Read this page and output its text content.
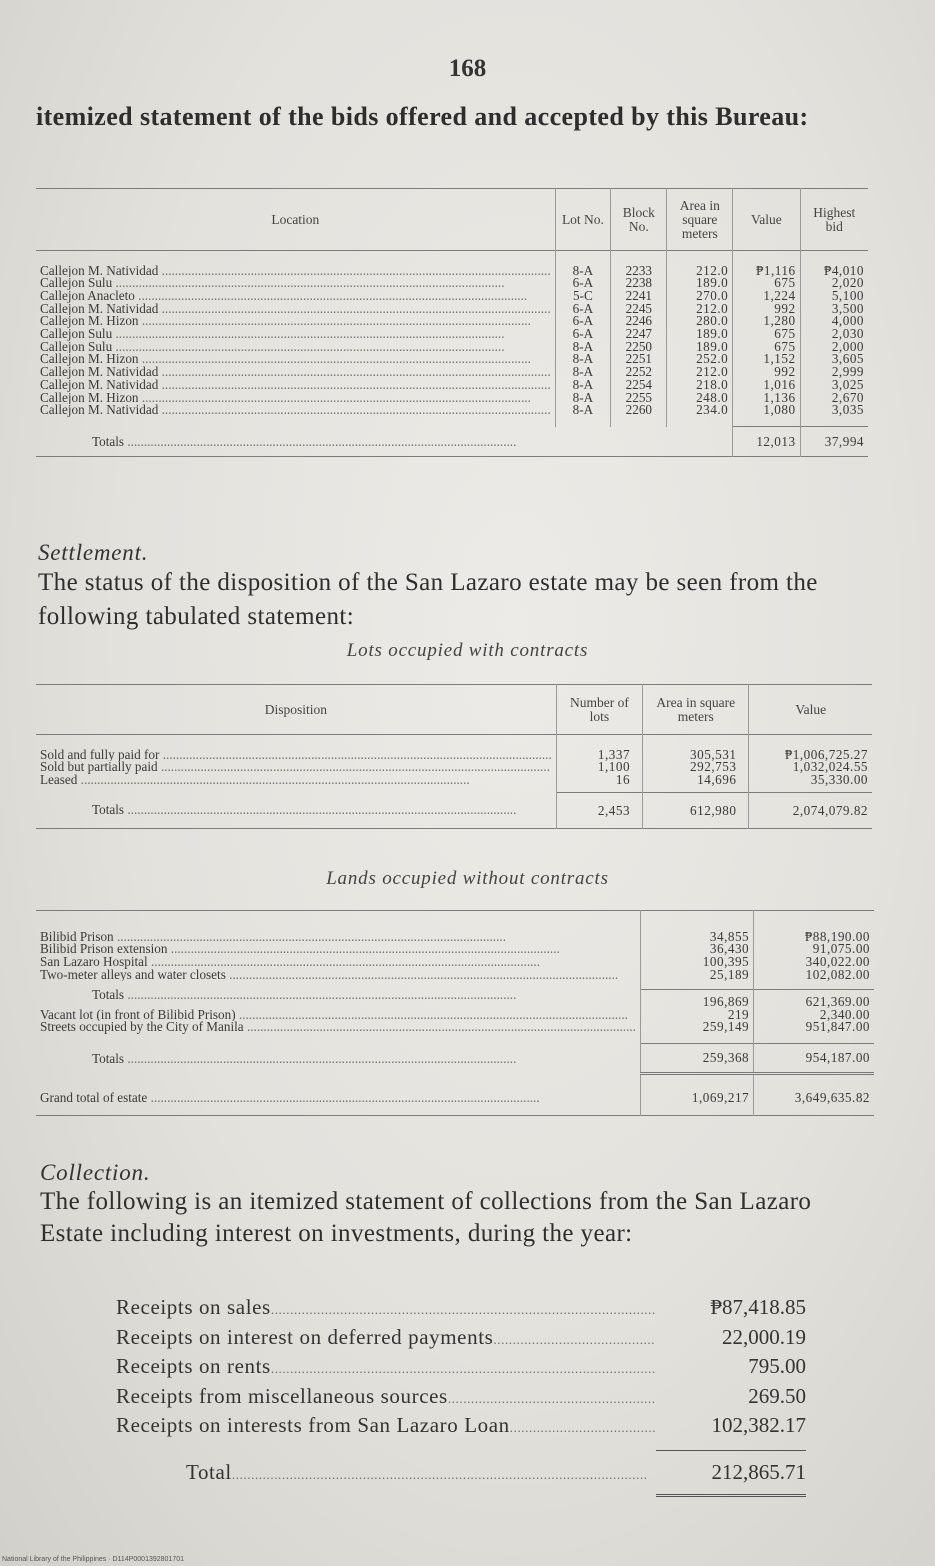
168
itemized statement of the bids offered and accepted by this Bureau:
Location	Lot No.	Block No.	Area in square meters	Value	Highest bid

Callejon M. Natividad .....	8-A	2233	212.0	₱1,116	₱4,010

Callejon Sulu .....	6-A	2238	189.0	675	2,020

Callejon Anacleto .....	5-C	2241	270.0	1,224	5,100

Callejon M. Natividad .....	6-A	2245	212.0	992	3,500

Callejon M. Hizon .....	6-A	2246	280.0	1,280	4,000

Callejon Sulu .....	6-A	2247	189.0	675	2,030

Callejon Sulu .....	8-A	2250	189.0	675	2,000

Callejon M. Hizon .....	8-A	2251	252.0	1,152	3,605

Callejon M. Natividad .....	8-A	2252	212.0	992	2,999

Callejon M. Natividad .....	8-A	2254	218.0	1,016	3,025

Callejon M. Hizon .....	8-A	2255	248.0	1,136	2,670

Callejon M. Natividad .....	8-A	2260	234.0	1,080	3,035

Totals .....				12,013	37,994
Settlement.
The status of the disposition of the San Lazaro estate may be seen from the following tabulated statement:
Lots occupied with contracts
Disposition	Number of lots	Area in square meters	Value

Sold and fully paid for .....	1,337	305,531	₱1,006,725.27

Sold but partially paid .....	1,100	292,753	1,032,024.55

Leased .....	16	14,696	35,330.00

Totals .....	2,453	612,980	2,074,079.82
Lands occupied without contracts

Bilibid Prison .....	34,855	₱88,190.00

Bilibid Prison extension .....	36,430	91,075.00

San Lazaro Hospital .....	100,395	340,022.00

Two-meter alleys and water closets .....	25,189	102,082.00

Totals .....	196,869	621,369.00

Vacant lot (in front of Bilibid Prison) .....	219	2,340.00

Streets occupied by the City of Manila .....	259,149	951,847.00

Totals .....	259,368	954,187.00

Grand total of estate .....	1,069,217	3,649,635.82
Collection.
The following is an itemized statement of collections from the San Lazaro Estate including interest on investments, during the year:
Receipts on sales .....	₱87,418.85
Receipts on interest on deferred payments .....	22,000.19
Receipts on rents .....	795.00
Receipts from miscellaneous sources .....	269.50
Receipts on interests from San Lazaro Loan .....	102,382.17
Total .....	212,865.71
National Library of the Philippines · D114P0001392801701
